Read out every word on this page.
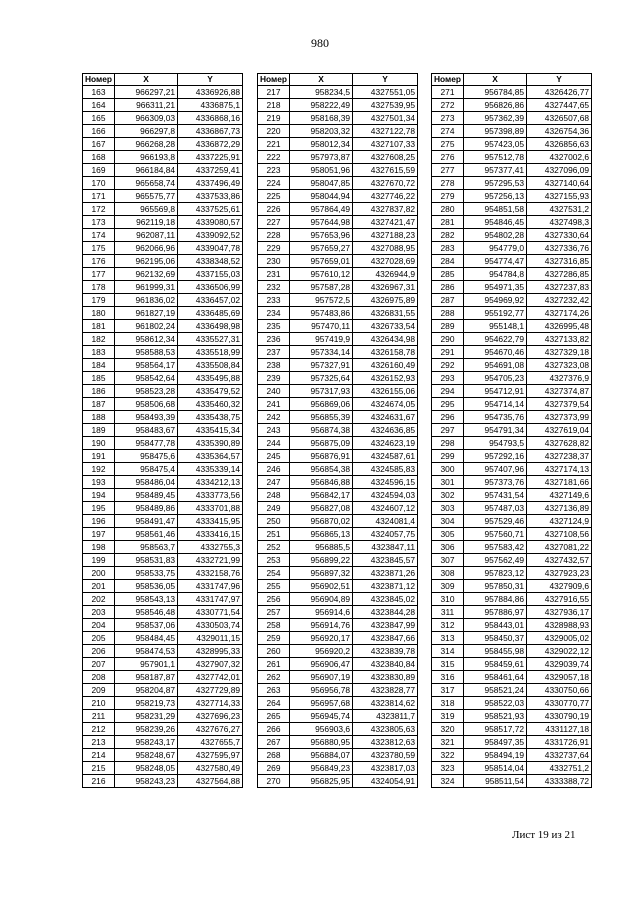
980
Номер	X	Y
163	966297,21	4336926,88
164	966311,21	4336875,1
165	966309,03	4336868,16
166	966297,8	4336867,73
167	966268,28	4336872,29
168	966193,8	4337225,91
169	966184,84	4337259,41
170	965658,74	4337496,49
171	965575,77	4337533,86
172	965569,8	4337525,61
173	962119,18	4339080,57
174	962087,11	4339092,52
175	962066,96	4339047,78
176	962195,06	4338348,52
177	962132,69	4337155,03
178	961999,31	4336506,99
179	961836,02	4336457,02
180	961827,19	4336485,69
181	961802,24	4336498,98
182	958612,34	4335527,31
183	958588,53	4335518,99
184	958564,17	4335508,84
185	958542,64	4335495,88
186	958523,28	4335479,52
187	958506,68	4335460,32
188	958493,39	4335438,75
189	958483,67	4335415,34
190	958477,78	4335390,89
191	958475,6	4335364,57
192	958475,4	4335339,14
193	958486,04	4334212,13
194	958489,45	4333773,56
195	958489,86	4333701,88
196	958491,47	4333415,95
197	958561,46	4333416,15
198	958563,7	4332755,3
199	958531,83	4332721,99
200	958533,75	4332158,76
201	958536,05	4331747,96
202	958543,13	4331747,97
203	958546,48	4330771,54
204	958537,06	4330503,74
205	958484,45	4329011,15
206	958474,53	4328995,33
207	957901,1	4327907,32
208	958187,87	4327742,01
209	958204,87	4327729,89
210	958219,73	4327714,33
211	958231,29	4327696,23
212	958239,26	4327676,27
213	958243,17	4327655,7
214	958248,67	4327595,97
215	958248,05	4327580,49
216	958243,23	4327564,88
Номер	X	Y
217	958234,5	4327551,05
218	958222,49	4327539,95
219	958168,39	4327501,34
220	958203,32	4327122,78
221	958012,34	4327107,33
222	957973,87	4327608,25
223	958051,96	4327615,59
224	958047,85	4327670,72
225	958044,94	4327746,22
226	957864,49	4327837,82
227	957644,98	4327421,47
228	957653,96	4327188,23
229	957659,27	4327088,95
230	957659,01	4327028,69
231	957610,12	4326944,9
232	957587,28	4326967,31
233	957572,5	4326975,89
234	957483,86	4326831,55
235	957470,11	4326733,54
236	957419,9	4326434,98
237	957334,14	4326158,78
238	957327,91	4326160,49
239	957325,64	4326152,93
240	957317,93	4326155,06
241	956869,06	4324674,05
242	956855,39	4324631,67
243	956874,38	4324636,85
244	956875,09	4324623,19
245	956876,91	4324587,61
246	956854,38	4324585,83
247	956846,88	4324596,15
248	956842,17	4324594,03
249	956827,08	4324607,12
250	956870,02	4324081,4
251	956865,13	4324057,75
252	956885,5	4323847,11
253	956899,22	4323845,57
254	956897,32	4323871,26
255	956902,51	4323871,12
256	956904,89	4323845,02
257	956914,6	4323844,28
258	956914,76	4323847,99
259	956920,17	4323847,66
260	956920,2	4323839,78
261	956906,47	4323840,84
262	956907,19	4323830,89
263	956956,78	4323828,77
264	956957,68	4323814,62
265	956945,74	4323811,7
266	956903,6	4323805,63
267	956880,95	4323812,63
268	956884,07	4323780,59
269	956849,23	4323817,03
270	956825,95	4324054,91
Номер	X	Y
271	956784,85	4326426,77
272	956826,86	4327447,65
273	957362,39	4326507,68
274	957398,89	4326754,36
275	957423,05	4326856,63
276	957512,78	4327002,6
277	957377,41	4327096,09
278	957295,53	4327140,64
279	957256,13	4327155,93
280	954851,58	4327531,2
281	954846,45	4327498,3
282	954802,28	4327330,64
283	954779,0	4327336,76
284	954774,47	4327316,85
285	954784,8	4327286,85
286	954971,35	4327237,83
287	954969,92	4327232,42
288	955192,77	4327174,26
289	955148,1	4326995,48
290	954622,79	4327133,82
291	954670,46	4327329,18
292	954691,08	4327323,08
293	954705,23	4327376,9
294	954712,91	4327374,87
295	954714,14	4327379,54
296	954735,76	4327373,99
297	954791,34	4327619,04
298	954793,5	4327628,82
299	957292,16	4327238,37
300	957407,96	4327174,13
301	957373,76	4327181,66
302	957431,54	4327149,6
303	957487,03	4327136,89
304	957529,46	4327124,9
305	957560,71	4327108,56
306	957583,42	4327081,22
307	957562,49	4327432,57
308	957823,12	4327923,23
309	957850,31	4327909,6
310	957884,86	4327916,55
311	957886,97	4327936,17
312	958443,01	4328988,93
313	958450,37	4329005,02
314	958455,98	4329022,12
315	958459,61	4329039,74
316	958461,64	4329057,18
317	958521,24	4330750,66
318	958522,03	4330770,77
319	958521,93	4330790,19
320	958517,72	4331127,18
321	958497,35	4331726,91
322	958494,19	4332737,64
323	958514,04	4332751,2
324	958511,54	4333388,72
Лист 19 из 21
